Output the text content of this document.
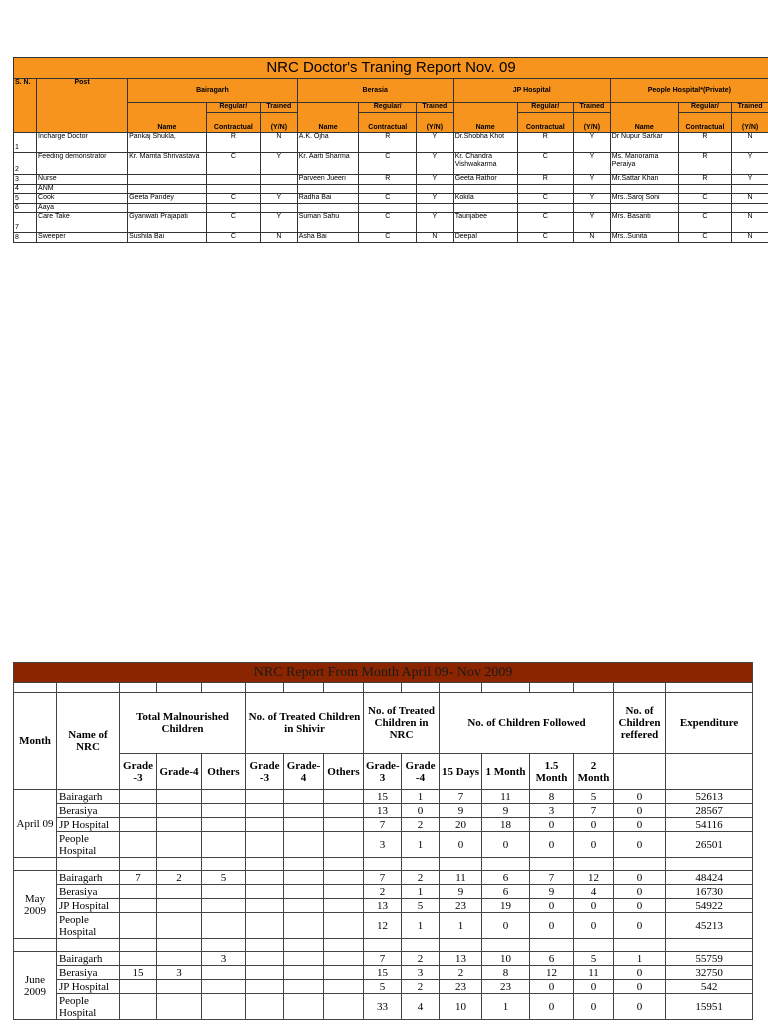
NRC Doctor's Traning Report Nov. 09													
S. N.	Post	Bairagarh			Berasia			JP Hospital			People Hospital*(Private)		
		Name	Regular/	Trained	Name	Regular/	Trained	Name	Regular/	Trained	Name	Regular/	Trained
			Contractual	(Y/N)		Contractual	(Y/N)		Contractual	(Y/N)		Contractual	(Y/N)
1	Incharge Doctor	Pankaj Shukla,	R	N	A.K. Ojha	R	Y	Dr.Shobha Khot	R	Y	Dr Nupur Sarkar	R	N
2	Feeding demonstrator	Kr. Mamta Shrivastava	C	Y	Kr. Aarti Sharma	C	Y	Kr. Chandra Vishwakarma	C	Y	Ms. Manorama Peraiya	R	Y
3	Nurse				Parveen Jueeri	R	Y	Geeta Rathor	R	Y	Mr.Sattar Khan	R	Y
4	ANM												
5	Cook	Geeta Pandey	C	Y	Radha Bai	C	Y	Kokila	C	Y	Mrs..Saroj Soni	C	N
6	Aaya												
7	Care Take	Gyanwati Prajapati	C	Y	Suman Sahu	C	Y	Taurijabee	C	Y	Mrs. Basanti	C	N
8	Sweeper	Sushila Bai	C	N	Asha Bai	C	N	Deepal	C	N	Mrs..Sunita	C	N
NRC Report From Month April 09- Nov 2009															

Month	Name of NRC	Total Malnourished Children			No. of Treated Children in Shivir			No. of Treated Children in NRC		No. of Children Followed				No. of Children reffered	Expenditure
		Grade -3	Grade-4	Others	Grade -3	Grade-4	Others	Grade-3	Grade -4	15 Days	1 Month	1.5 Month	2 Month		
April 09	Bairagarh							15	1	7	11	8	5	0	52613
	Berasiya							13	0	9	9	3	7	0	28567
	JP Hospital							7	2	20	18	0	0	0	54116
	People Hospital							3	1	0	0	0	0	0	26501

May 2009	Bairagarh	7	2	5				7	2	11	6	7	12	0	48424
	Berasiya							2	1	9	6	9	4	0	16730
	JP Hospital							13	5	23	19	0	0	0	54922
	People Hospital							12	1	1	0	0	0	0	45213

June 2009	Bairagarh			3				7	2	13	10	6	5	1	55759
	Berasiya	15	3					15	3	2	8	12	11	0	32750
	JP Hospital							5	2	23	23	0	0	0	542
	People Hospital							33	4	10	1	0	0	0	15951
